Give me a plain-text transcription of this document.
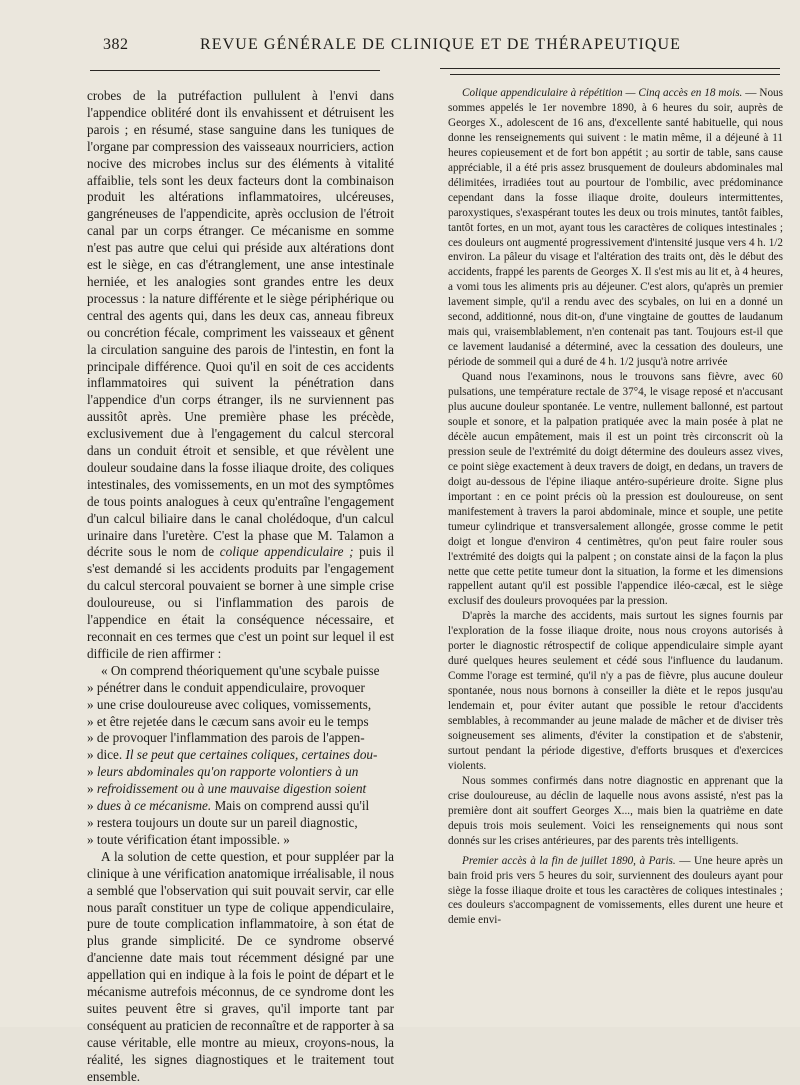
382	REVUE GÉNÉRALE DE CLINIQUE ET DE THÉRAPEUTIQUE

crobes de la putréfaction pullulent à l'envi dans l'appendice oblitéré dont ils envahissent et détruisent les parois ; en résumé, stase sanguine dans les tuniques de l'organe par compression des vaisseaux nourriciers, action nocive des microbes inclus sur des éléments à vitalité affaiblie, tels sont les deux facteurs dont la combinaison produit les altérations inflammatoires, ulcéreuses, gangréneuses de l'appendicite, après occlusion de l'étroit canal par un corps étranger. Ce mécanisme en somme n'est pas autre que celui qui préside aux altérations dont est le siège, en cas d'étranglement, une anse intestinale herniée, et les analogies sont grandes entre les deux processus : la nature différente et le siège périphérique ou central des agents qui, dans les deux cas, anneau fibreux ou concrétion fécale, compriment les vaisseaux et gênent la circulation sanguine des parois de l'intestin, en font la principale différence. Quoi qu'il en soit de ces accidents inflammatoires qui suivent la pénétration dans l'appendice d'un corps étranger, ils ne surviennent pas aussitôt après. Une première phase les précède, exclusivement due à l'engagement du calcul stercoral dans un conduit étroit et sensible, et que révèlent une douleur soudaine dans la fosse iliaque droite, des coliques intestinales, des vomissements, en un mot des symptômes de tous points analogues à ceux qu'entraîne l'engagement d'un calcul biliaire dans le canal cholédoque, d'un calcul urinaire dans l'uretère. C'est la phase que M. Talamon a décrite sous le nom de colique appendiculaire ; puis il s'est demandé si les accidents produits par l'engagement du calcul stercoral pouvaient se borner à une simple crise douloureuse, ou si l'inflammation des parois de l'appendice en était la conséquence nécessaire, et reconnait en ces termes que c'est un point sur lequel il est difficile de rien affirmer :

« On comprend théoriquement qu'une scybale puisse
» pénétrer dans le conduit appendiculaire, provoquer
» une crise douloureuse avec coliques, vomissements,
» et être rejetée dans le cæcum sans avoir eu le temps
» de provoquer l'inflammation des parois de l'appen-
» dice. Il se peut que certaines coliques, certaines dou-
» leurs abdominales qu'on rapporte volontiers à un
» refroidissement ou à une mauvaise digestion soient
» dues à ce mécanisme. Mais on comprend aussi qu'il
» restera toujours un doute sur un pareil diagnostic,
» toute vérification étant impossible. »

A la solution de cette question, et pour suppléer par la clinique à une vérification anatomique irréalisable, il nous a semblé que l'observation qui suit pouvait servir, car elle nous paraît constituer un type de colique appendiculaire, pure de toute complication inflammatoire, à son état de plus grande simplicité. De ce syndrome observé d'ancienne date mais tout récemment désigné par une appellation qui en indique à la fois le point de départ et le mécanisme autrefois méconnus, de ce syndrome dont les suites peuvent être si graves, qu'il importe tant par conséquent au praticien de reconnaître et de rapporter à sa cause véritable, elle montre au mieux, croyons-nous, la réalité, les signes diagnostiques et le traitement tout ensemble.

Colique appendiculaire à répétition — Cinq accès en 18 mois. — Nous sommes appelés le 1er novembre 1890, à 6 heures du soir, auprès de Georges X., adolescent de 16 ans, d'excellente santé habituelle, qui nous donne les renseignements qui suivent : le matin même, il a déjeuné à 11 heures copieusement et de fort bon appétit ; au sortir de table, sans cause appréciable, il a été pris assez brusquement de douleurs abdominales mal délimitées, irradiées tout au pourtour de l'ombilic, avec prédominance cependant dans la fosse iliaque droite, douleurs intermittentes, paroxystiques, s'exaspérant toutes les deux ou trois minutes, tantôt faibles, tantôt fortes, en un mot, ayant tous les caractères de coliques intestinales ; ces douleurs ont augmenté progressivement d'intensité jusque vers 4 h. 1/2 environ. La pâleur du visage et l'altération des traits ont, dès le début des accidents, frappé les parents de Georges X. Il s'est mis au lit et, à 4 heures, a vomi tous les aliments pris au déjeuner. C'est alors, qu'après un premier lavement simple, qu'il a rendu avec des scybales, on lui en a donné un second, additionné, nous dit-on, d'une vingtaine de gouttes de laudanum mais qui, vraisemblablement, n'en contenait pas tant. Toujours est-il que ce lavement laudanisé a déterminé, avec la cessation des douleurs, une période de sommeil qui a duré de 4 h. 1/2 jusqu'à notre arrivée

Quand nous l'examinons, nous le trouvons sans fièvre, avec 60 pulsations, une température rectale de 37°4, le visage reposé et n'accusant plus aucune douleur spontanée. Le ventre, nullement ballonné, est partout souple et sonore, et la palpation pratiquée avec la main posée à plat ne décèle aucun empâtement, mais il est un point très circonscrit où la pression seule de l'extrémité du doigt détermine des douleurs assez vives, ce point siège exactement à deux travers de doigt, en dedans, un travers de doigt au-dessous de l'épine iliaque antéro-supérieure droite. Signe plus important : en ce point précis où la pression est douloureuse, on sent manifestement à travers la paroi abdominale, mince et souple, une petite tumeur cylindrique et transversalement allongée, grosse comme le petit doigt et longue d'environ 4 centimètres, qu'on peut faire rouler sous l'extrémité des doigts qui la palpent ; on constate ainsi de la façon la plus nette que cette petite tumeur dont la situation, la forme et les dimensions rappellent autant qu'il est possible l'appendice iléo-cæcal, est le siège exclusif des douleurs provoquées par la pression.

D'après la marche des accidents, mais surtout les signes fournis par l'exploration de la fosse iliaque droite, nous nous croyons autorisés à porter le diagnostic rétrospectif de colique appendiculaire simple ayant duré quelques heures seulement et cédé sous l'influence du laudanum. Comme l'orage est terminé, qu'il n'y a pas de fièvre, plus aucune douleur spontanée, nous nous bornons à conseiller la diète et le repos jusqu'au lendemain et, pour éviter autant que possible le retour d'accidents semblables, à recommander au jeune malade de mâcher et de diviser très soigneusement ses aliments, d'éviter la constipation et de s'abstenir, surtout pendant la période digestive, d'efforts brusques et d'exercices violents.

Nous sommes confirmés dans notre diagnostic en apprenant que la crise douloureuse, au déclin de laquelle nous avons assisté, n'est pas la première dont ait souffert Georges X..., mais bien la quatrième en date depuis trois mois seulement. Voici les renseignements qui nous sont donnés sur les crises antérieures, par des parents très intelligents.

Premier accès à la fin de juillet 1890, à Paris. — Une heure après un bain froid pris vers 5 heures du soir, surviennent des douleurs ayant pour siège la fosse iliaque droite et tous les caractères de coliques intestinales ; ces douleurs s'accompagnent de vomissements, elles durent une heure et demie envi-
